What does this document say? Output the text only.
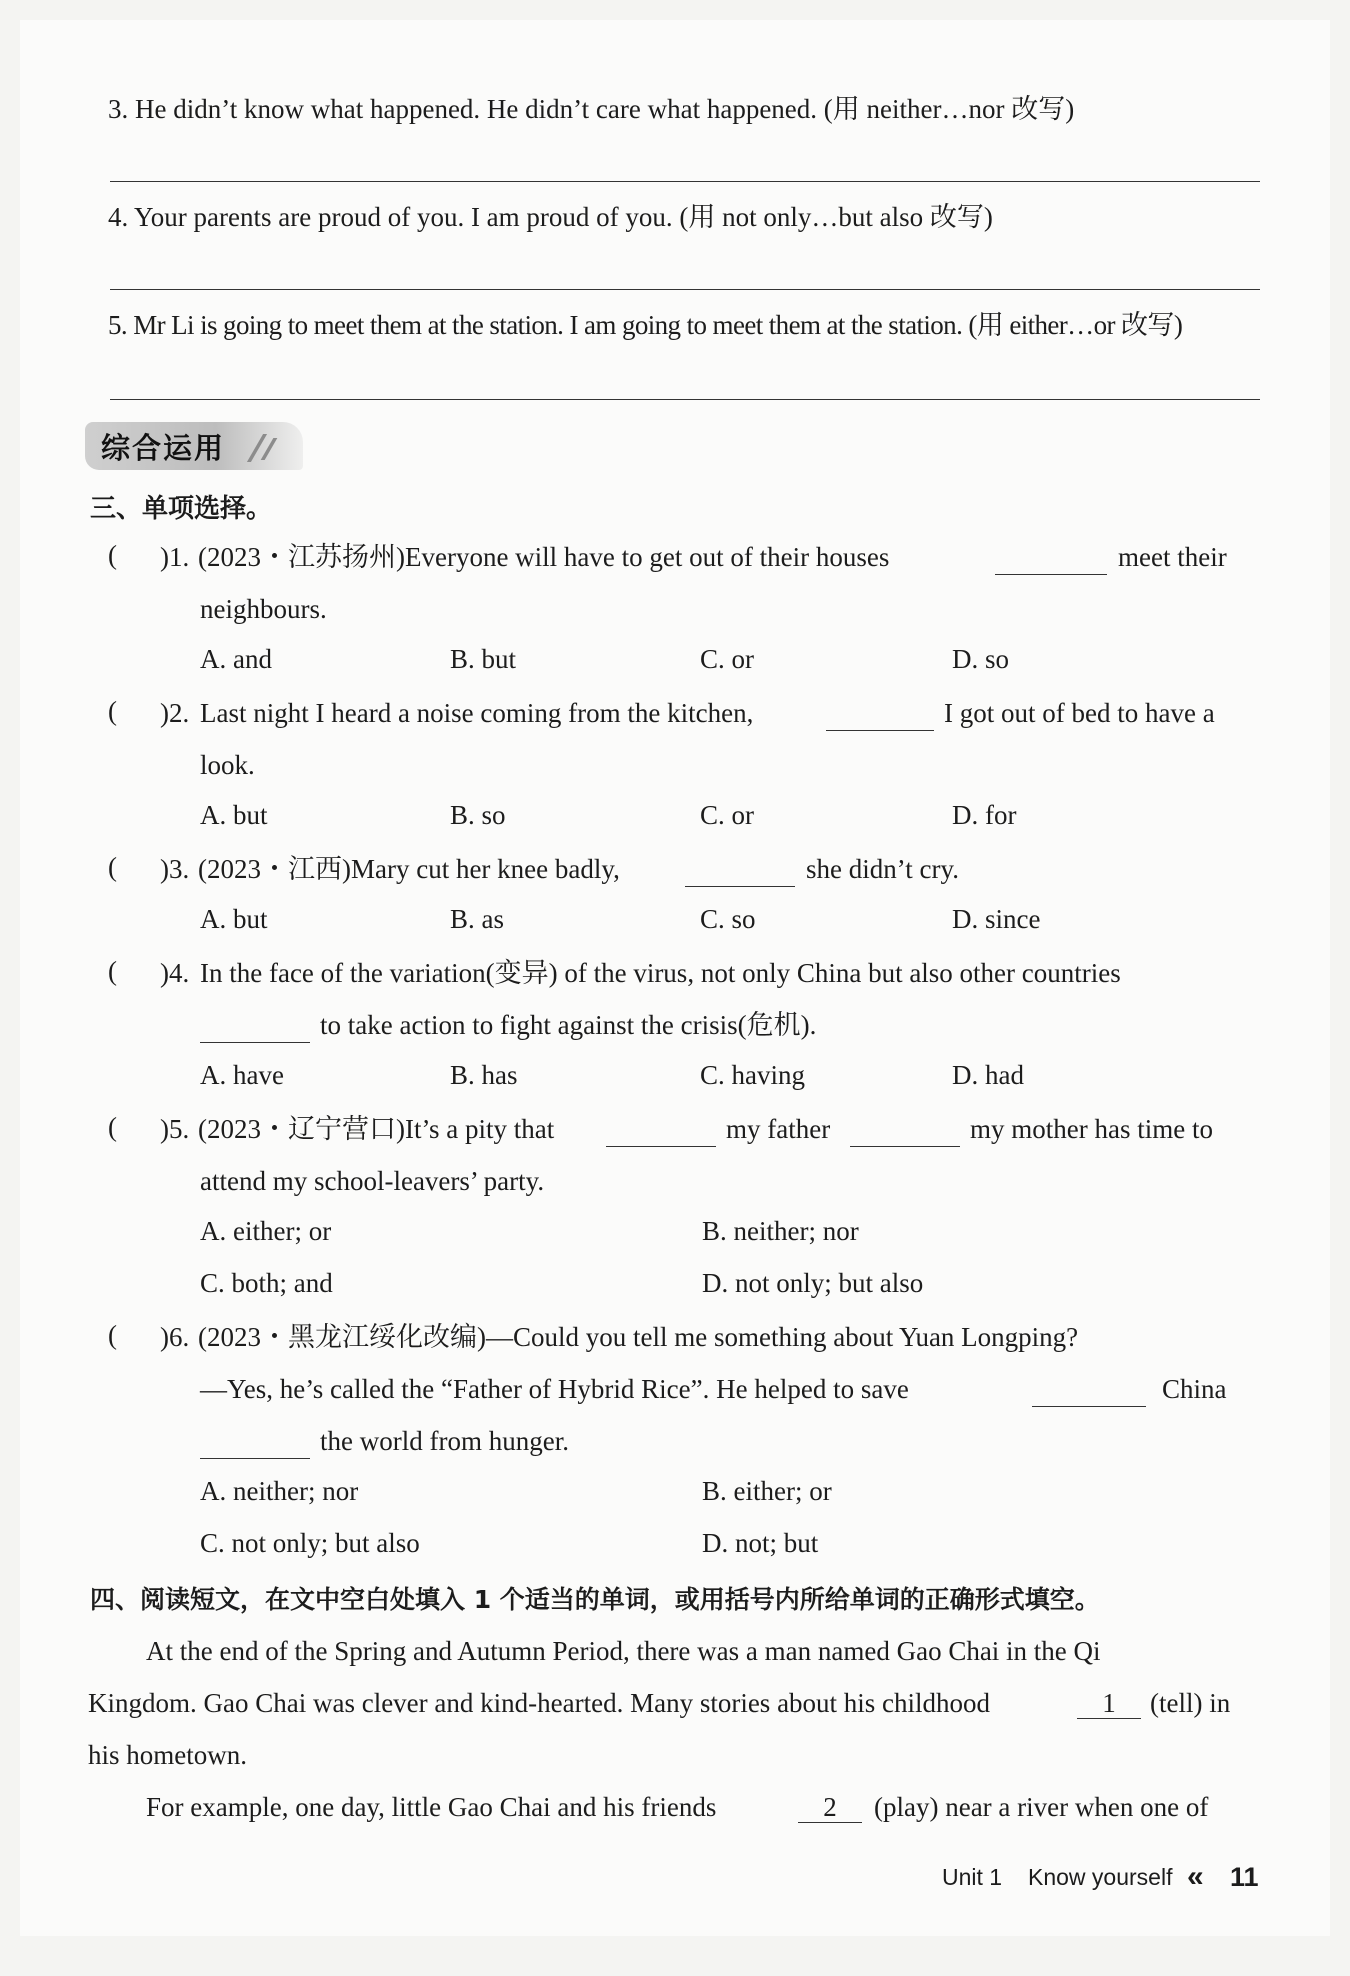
3. He didn’t know what happened. He didn’t care what happened. (用 neither…nor 改写)
4. Your parents are proud of you. I am proud of you. (用 not only…but also 改写)
5. Mr Li is going to meet them at the station. I am going to meet them at the station. (用 either…or 改写)
综合运用
三、单项选择。
( )1. (2023・江苏扬州)Everyone will have to get out of their houses	meet their
neighbours.
A. and	B. but	C. or	D. so
( )2. Last night I heard a noise coming from the kitchen,	I got out of bed to have a
look.
A. but	B. so	C. or	D. for
( )3. (2023・江西)Mary cut her knee badly,	she didn’t cry.
A. but	B. as	C. so	D. since
( )4. In the face of the variation(变异) of the virus, not only China but also other countries
to take action to fight against the crisis(危机).
A. have	B. has	C. having	D. had
( )5. (2023・辽宁营口)It’s a pity that	my father	my mother has time to
attend my school-leavers’ party.
A. either; or	B. neither; nor
C. both; and	D. not only; but also
( )6. (2023・黑龙江绥化改编)—Could you tell me something about Yuan Longping?
—Yes, he’s called the “Father of Hybrid Rice”. He helped to save	China
the world from hunger.
A. neither; nor	B. either; or
C. not only; but also	D. not; but
四、阅读短文，在文中空白处填入 1 个适当的单词，或用括号内所给单词的正确形式填空。
At the end of the Spring and Autumn Period, there was a man named Gao Chai in the Qi
Kingdom. Gao Chai was clever and kind-hearted. Many stories about his childhood	1	(tell) in
his hometown.
For example, one day, little Gao Chai and his friends	2	(play) near a river when one of
Unit 1 Know yourself « 11
